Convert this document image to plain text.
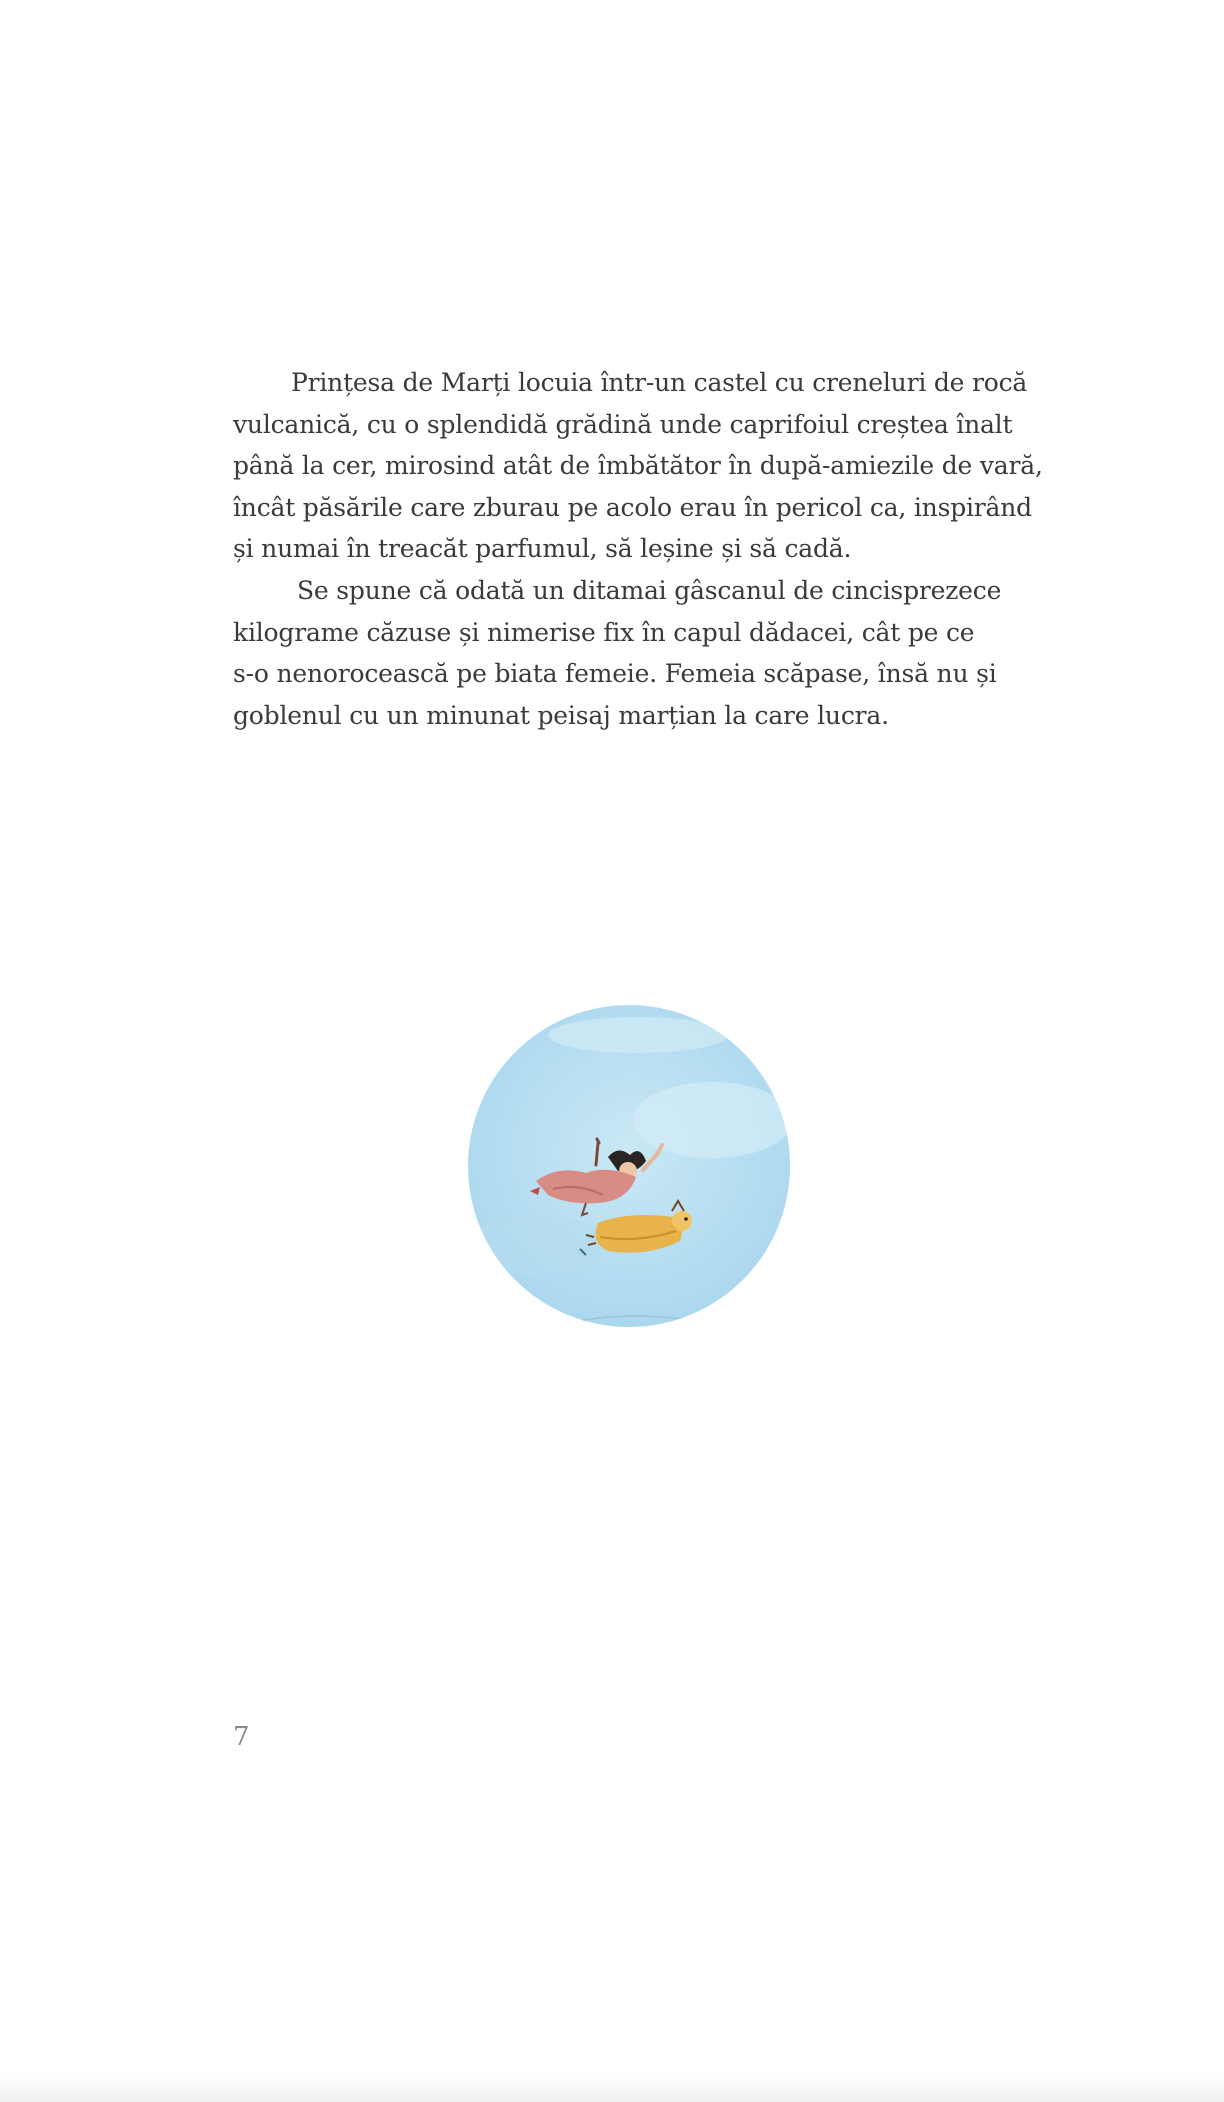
Prințesa de Marți locuia într-un castel cu creneluri de rocă
vulcanică, cu o splendidă grădină unde caprifoiul creștea înalt
până la cer, mirosind atât de îmbătător în după-amiezile de vară,
încât păsările care zburau pe acolo erau în pericol ca, inspirând
și numai în treacăt parfumul, să leșine și să cadă.
Se spune că odată un ditamai gâscanul de cincisprezece
kilograme căzuse și nimerise fix în capul dădacei, cât pe ce
s-o nenorocească pe biata femeie. Femeia scăpase, însă nu și
goblenul cu un minunat peisaj marțian la care lucra.
7
